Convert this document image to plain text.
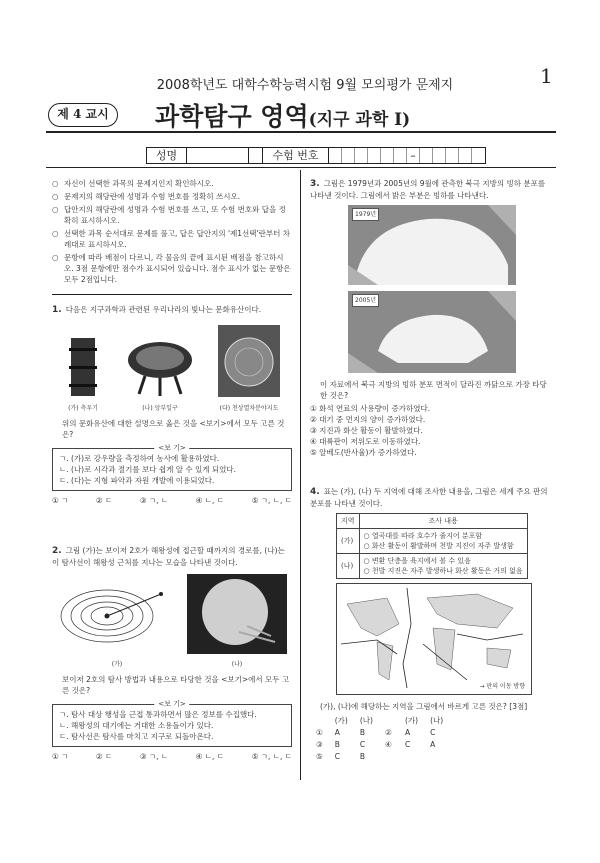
2008학년도 대학수학능력시험 9월 모의평가 문제지	1
제 4 교시	과학탐구 영역(지구 과학 Ⅰ)
성명	수험 번호	–
○ 자신이 선택한 과목의 문제지인지 확인하시오.
○ 문제지의 해당란에 성명과 수험 번호를 정확히 쓰시오.
○ 답안지의 해당란에 성명과 수험 번호를 쓰고, 또 수험 번호와 답을 정확히 표시하시오.
○ 선택한 과목 순서대로 문제를 풀고, 답은 답안지의 '제1선택'란부터 차례대로 표시하시오.
○ 문항에 따라 배점이 다르니, 각 물음의 끝에 표시된 배점을 참고하시오. 3점 문항에만 점수가 표시되어 있습니다. 점수 표시가 없는 문항은 모두 2점입니다.
1. 다음은 지구과학과 관련된 우리나라의 빛나는 문화유산이다.
(가) 측우기	(나) 앙부일구	(다) 천상열차분야지도
위의 문화유산에 대한 설명으로 옳은 것을 <보기>에서 모두 고른 것은?
<보 기>
ㄱ. (가)로 강우량을 측정하여 농사에 활용하였다.
ㄴ. (나)로 시각과 절기를 보다 쉽게 알 수 있게 되었다.
ㄷ. (다)는 지형 파악과 자원 개발에 이용되었다.
① ㄱ	② ㄷ	③ ㄱ, ㄴ	④ ㄴ, ㄷ	⑤ ㄱ, ㄴ, ㄷ
2. 그림 (가)는 보이저 2호가 해왕성에 접근할 때까지의 경로를, (나)는 이 탐사선이 해왕성 근처를 지나는 모습을 나타낸 것이다.
(가)	(나)
보이저 2호의 탐사 방법과 내용으로 타당한 것을 <보기>에서 모두 고른 것은?
<보 기>
ㄱ. 탐사 대상 행성을 근접 통과하면서 많은 정보를 수집했다.
ㄴ. 해왕성의 대기에는 거대한 소용돌이가 있다.
ㄷ. 탐사선은 탐사를 마치고 지구로 되돌아온다.
① ㄱ	② ㄷ	③ ㄱ, ㄴ	④ ㄴ, ㄷ	⑤ ㄱ, ㄴ, ㄷ
3. 그림은 1979년과 2005년의 9월에 관측한 북극 지방의 빙하 분포를 나타낸 것이다. 그림에서 밝은 부분은 빙하를 나타낸다.
1979년
2005년
이 자료에서 북극 지방의 빙하 분포 면적이 달라진 까닭으로 가장 타당한 것은?
① 화석 연료의 사용량이 증가하였다.
② 대기 중 먼지의 양이 증가하였다.
③ 지진과 화산 활동이 활발하였다.
④ 대륙판이 저위도로 이동하였다.
⑤ 알베도(반사율)가 증가하였다.
4. 표는 (가), (나) 두 지역에 대해 조사한 내용을, 그림은 세계 주요 판의 분포를 나타낸 것이다.
지역	조사 내용
(가)	○ 열곡대를 따라 호수가 줄지어 분포함
○ 화산 활동이 활발하며 천발 지진이 자주 발생함

(나)	○ 변환 단층을 육지에서 볼 수 있음
○ 천발 지진은 자주 발생하나 화산 활동은 거의 없음
→ 판의 이동 방향
(가), (나)에 해당하는 지역을 그림에서 바르게 고른 것은? [3점]
	(가)	(나)		(가)	(나)
①	A	B	②	A	C
③	B	C	④	C	A
⑤	C	B			
